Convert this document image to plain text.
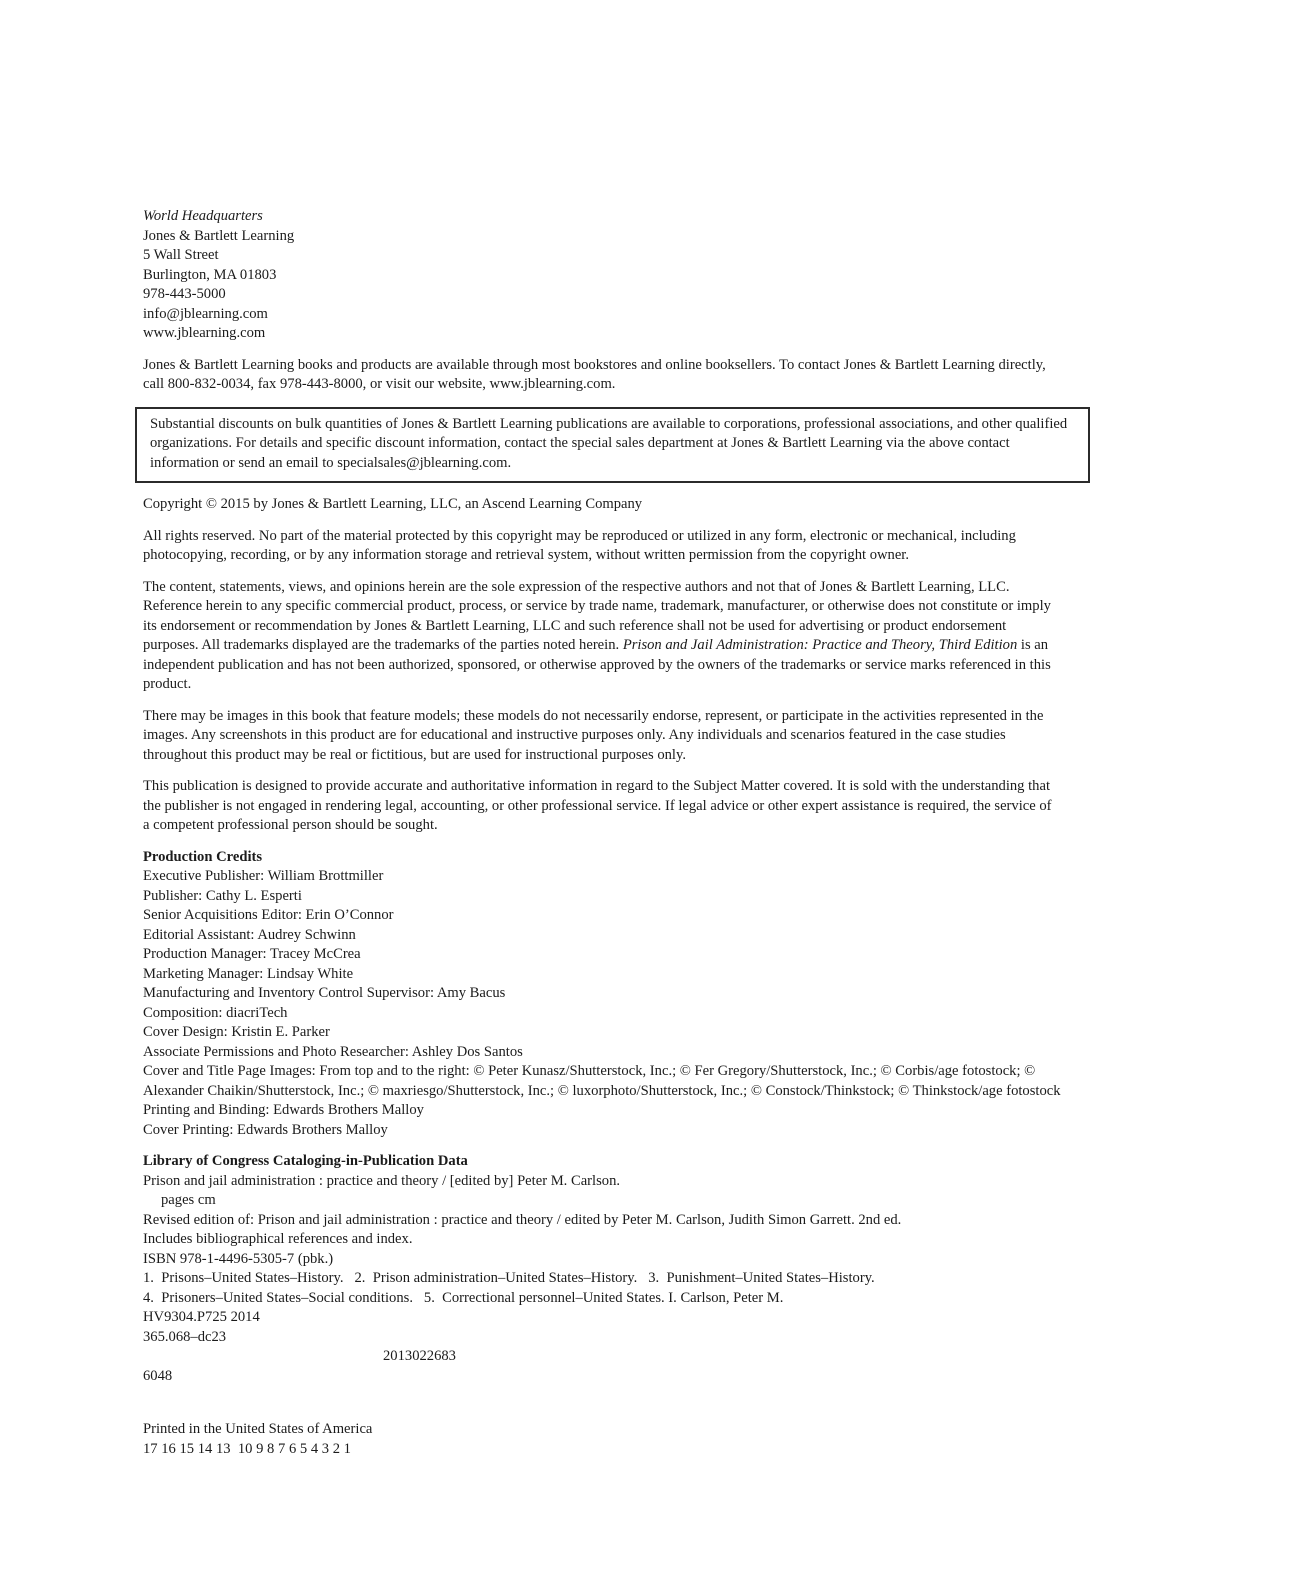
World Headquarters
Jones & Bartlett Learning
5 Wall Street
Burlington, MA 01803
978-443-5000
info@jblearning.com
www.jblearning.com
Jones & Bartlett Learning books and products are available through most bookstores and online booksellers. To contact Jones & Bartlett Learning directly, call 800-832-0034, fax 978-443-8000, or visit our website, www.jblearning.com.
Substantial discounts on bulk quantities of Jones & Bartlett Learning publications are available to corporations, professional associations, and other qualified organizations. For details and specific discount information, contact the special sales department at Jones & Bartlett Learning via the above contact information or send an email to specialsales@jblearning.com.
Copyright © 2015 by Jones & Bartlett Learning, LLC, an Ascend Learning Company
All rights reserved. No part of the material protected by this copyright may be reproduced or utilized in any form, electronic or mechanical, including photocopying, recording, or by any information storage and retrieval system, without written permission from the copyright owner.
The content, statements, views, and opinions herein are the sole expression of the respective authors and not that of Jones & Bartlett Learning, LLC. Reference herein to any specific commercial product, process, or service by trade name, trademark, manufacturer, or otherwise does not constitute or imply its endorsement or recommendation by Jones & Bartlett Learning, LLC and such reference shall not be used for advertising or product endorsement purposes. All trademarks displayed are the trademarks of the parties noted herein. Prison and Jail Administration: Practice and Theory, Third Edition is an independent publication and has not been authorized, sponsored, or otherwise approved by the owners of the trademarks or service marks referenced in this product.
There may be images in this book that feature models; these models do not necessarily endorse, represent, or participate in the activities represented in the images. Any screenshots in this product are for educational and instructive purposes only. Any individuals and scenarios featured in the case studies throughout this product may be real or fictitious, but are used for instructional purposes only.
This publication is designed to provide accurate and authoritative information in regard to the Subject Matter covered. It is sold with the understanding that the publisher is not engaged in rendering legal, accounting, or other professional service. If legal advice or other expert assistance is required, the service of a competent professional person should be sought.
Production Credits
Executive Publisher: William Brottmiller
Publisher: Cathy L. Esperti
Senior Acquisitions Editor: Erin O’Connor
Editorial Assistant: Audrey Schwinn
Production Manager: Tracey McCrea
Marketing Manager: Lindsay White
Manufacturing and Inventory Control Supervisor: Amy Bacus
Composition: diacriTech
Cover Design: Kristin E. Parker
Associate Permissions and Photo Researcher: Ashley Dos Santos
Cover and Title Page Images: From top and to the right: © Peter Kunasz/Shutterstock, Inc.; © Fer Gregory/Shutterstock, Inc.; © Corbis/age fotostock; © Alexander Chaikin/Shutterstock, Inc.; © maxriesgo/Shutterstock, Inc.; © luxorphoto/Shutterstock, Inc.; © Constock/Thinkstock; © Thinkstock/age fotostock
Printing and Binding: Edwards Brothers Malloy
Cover Printing: Edwards Brothers Malloy
Library of Congress Cataloging-in-Publication Data
Prison and jail administration : practice and theory / [edited by] Peter M. Carlson.
pages cm
Revised edition of: Prison and jail administration : practice and theory / edited by Peter M. Carlson, Judith Simon Garrett. 2nd ed.
Includes bibliographical references and index.
ISBN 978-1-4496-5305-7 (pbk.)
1.  Prisons–United States–History.   2.  Prison administration–United States–History.   3.  Punishment–United States–History.
4.  Prisoners–United States–Social conditions.   5.  Correctional personnel–United States. I. Carlson, Peter M.
HV9304.P725 2014
365.068–dc23
2013022683
6048
Printed in the United States of America
17 16 15 14 13  10 9 8 7 6 5 4 3 2 1
